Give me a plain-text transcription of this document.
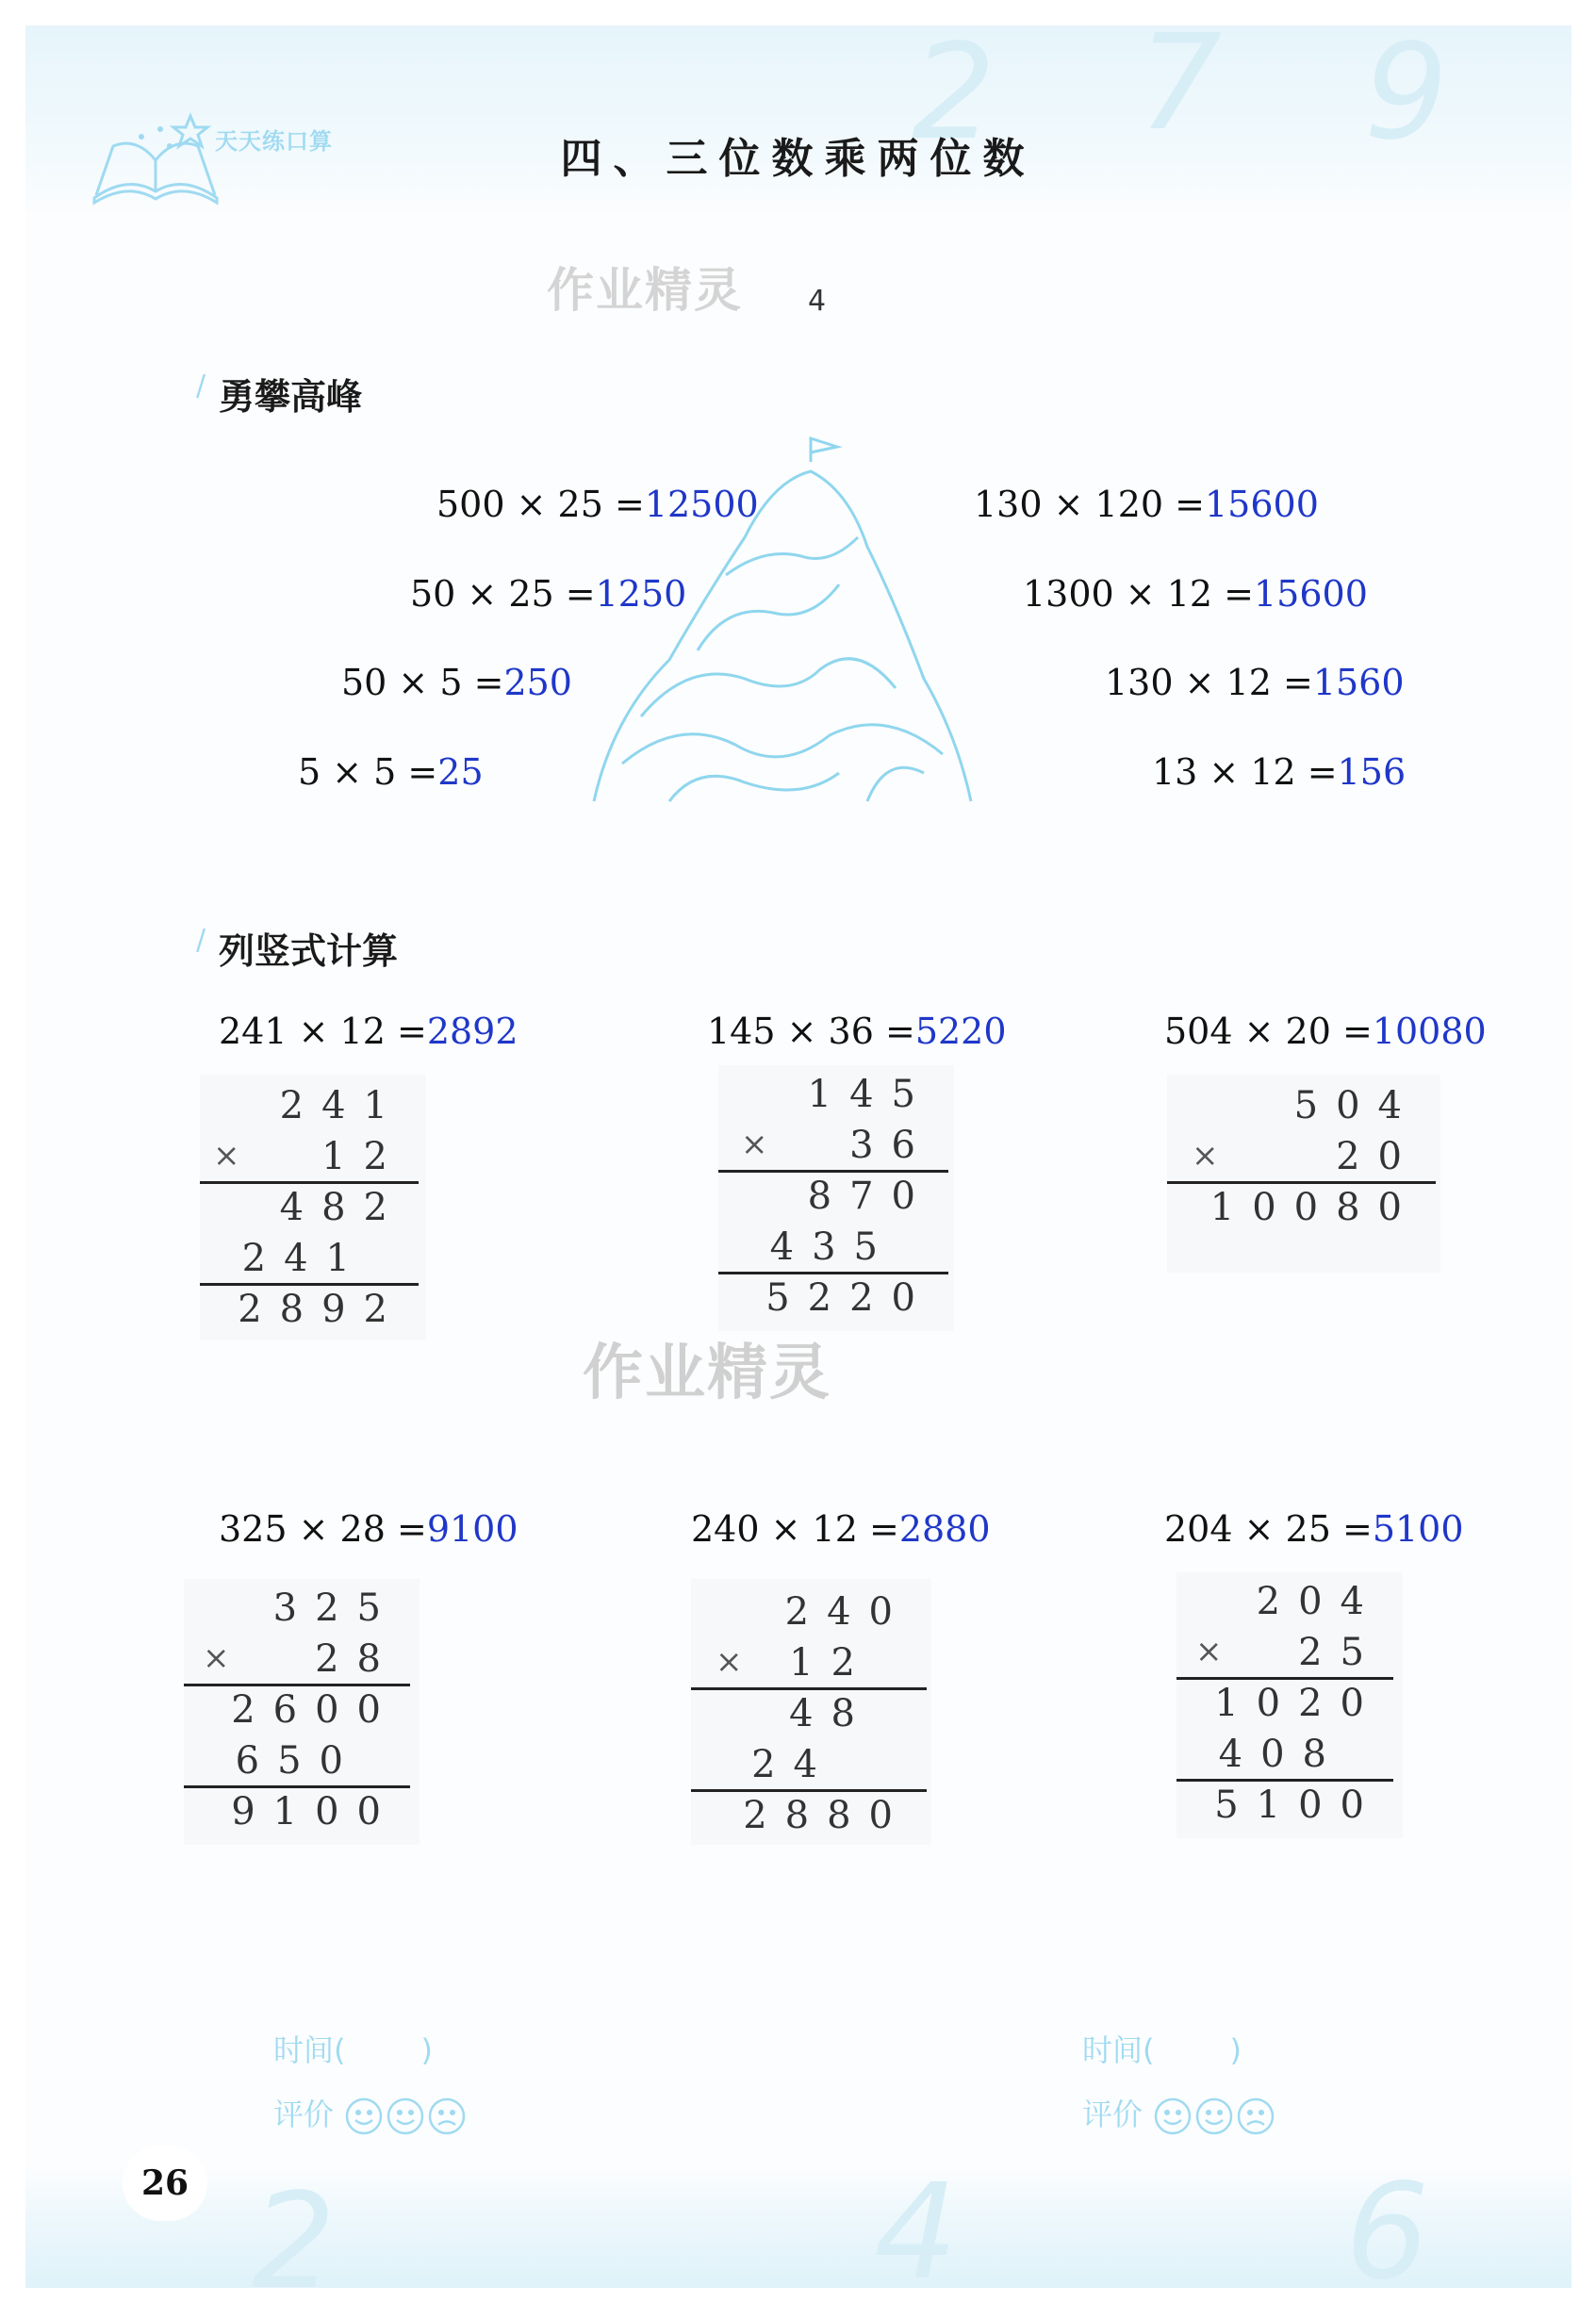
2 7 9
2	4	6
天天练口算	四、三位数乘两位数
作业精灵 4
/ 勇攀高峰
500 × 25 =12500
50 × 25 =1250
50 × 5 =250
5 × 5 =25
130 × 120 =15600
1300 × 12 =15600
130 × 12 =1560
13 × 12 =156
/ 列竖式计算
241 × 12 =2892
241
× 12
482
241
2892
145 × 36 =5220
145
× 36
870
435
5220
504 × 20 =10080
504
×	20
10080
作业精灵
325 × 28 =9100
325
× 28
2600
650
9100
240 × 12 =2880
240
× 12
48
24
2880
204 × 25 =5100
204
× 25
1020
408
5100
时间(	)
评价
时间(	)
评价
26
